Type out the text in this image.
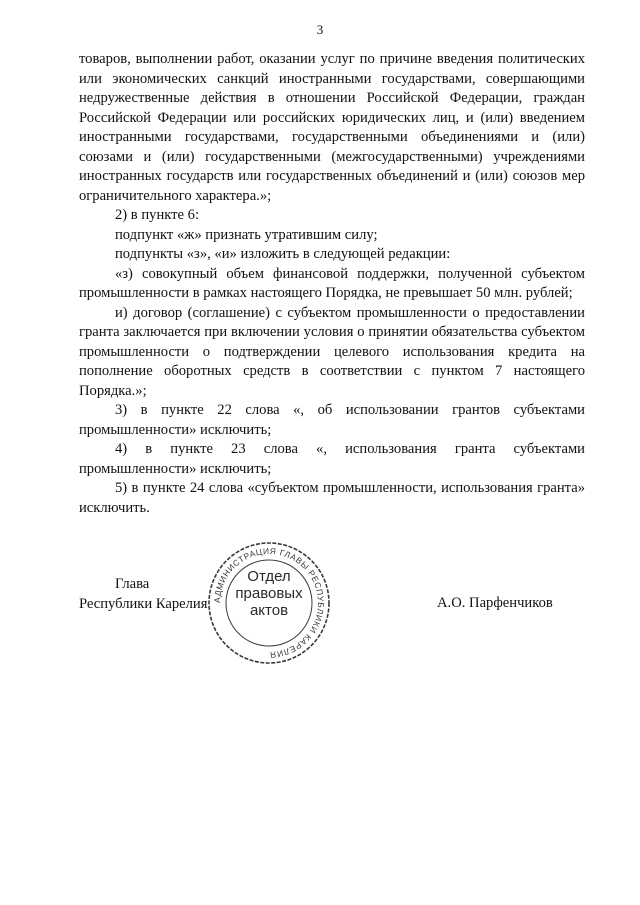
3

товаров, выполнении работ, оказании услуг по причине введения политических или экономических санкций иностранными государствами, совершающими недружественные действия в отношении Российской Федерации, граждан Российской Федерации или российских юридических лиц, и (или) введением иностранными государствами, государственными объединениями и (или) союзами и (или) государственными (межгосударственными) учреждениями иностранных государств или государственных объединений и (или) союзов мер ограничительного характера.»;

2) в пункте 6:

подпункт «ж» признать утратившим силу;

подпункты «з», «и» изложить в следующей редакции:

«з) совокупный объем финансовой поддержки, полученной субъектом промышленности в рамках настоящего Порядка, не превышает 50 млн. рублей;

и) договор (соглашение) с субъектом промышленности о предоставлении гранта заключается при включении условия о принятии обязательства субъектом промышленности о подтверждении целевого использования кредита на пополнение оборотных средств в соответствии с пунктом 7 настоящего Порядка.»;

3) в пункте 22 слова «, об использовании грантов субъектами промышленности» исключить;

4) в пункте 23 слова «, использования гранта субъектами промышленности» исключить;

5) в пункте 24 слова «субъектом промышленности, использования гранта» исключить.

Глава
Республики Карелия АДМИНИСТРАЦИЯ ГЛАВЫ РЕСПУБЛИКИ КАРЕЛИЯ
Отдел
правовых
актов	А.О. Парфенчиков
